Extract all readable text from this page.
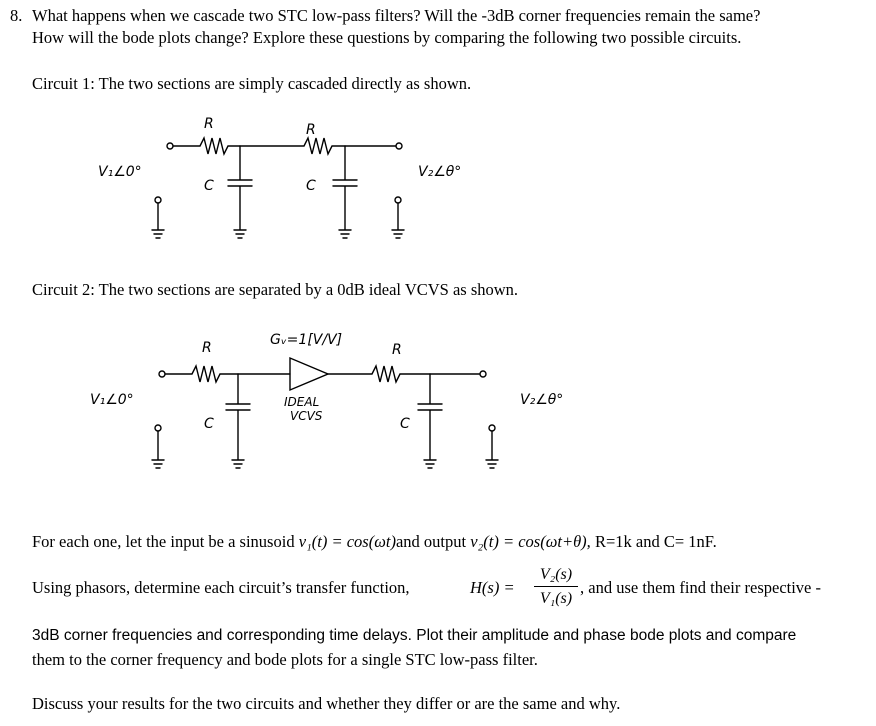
8. What happens when we cascade two STC low-pass filters? Will the -3dB corner frequencies remain the same?
How will the bode plots change? Explore these questions by comparing the following two possible circuits.
Circuit 1: The two sections are simply cascaded directly as shown.
R	R
C	C
V₁∠0°	V₂∠θ°
Circuit 2: The two sections are separated by a 0dB ideal VCVS as shown.
R	R
Gᵥ=1[V/V]
IDEAL
VCVS
C	C
V₁∠0°	V₂∠θ°
For each one, let the input be a sinusoid v₁(t) = cos(ωt)and output v₂(t) = cos(ωt+θ), R=1k and C= 1nF.
Using phasors, determine each circuit’s transfer function,	H(s) =
V₂(s)
V₁(s)
, and use them find their respective -
3dB corner frequencies and corresponding time delays. Plot their amplitude and phase bode plots and compare
them to the corner frequency and bode plots for a single STC low-pass filter.
Discuss your results for the two circuits and whether they differ or are the same and why.
